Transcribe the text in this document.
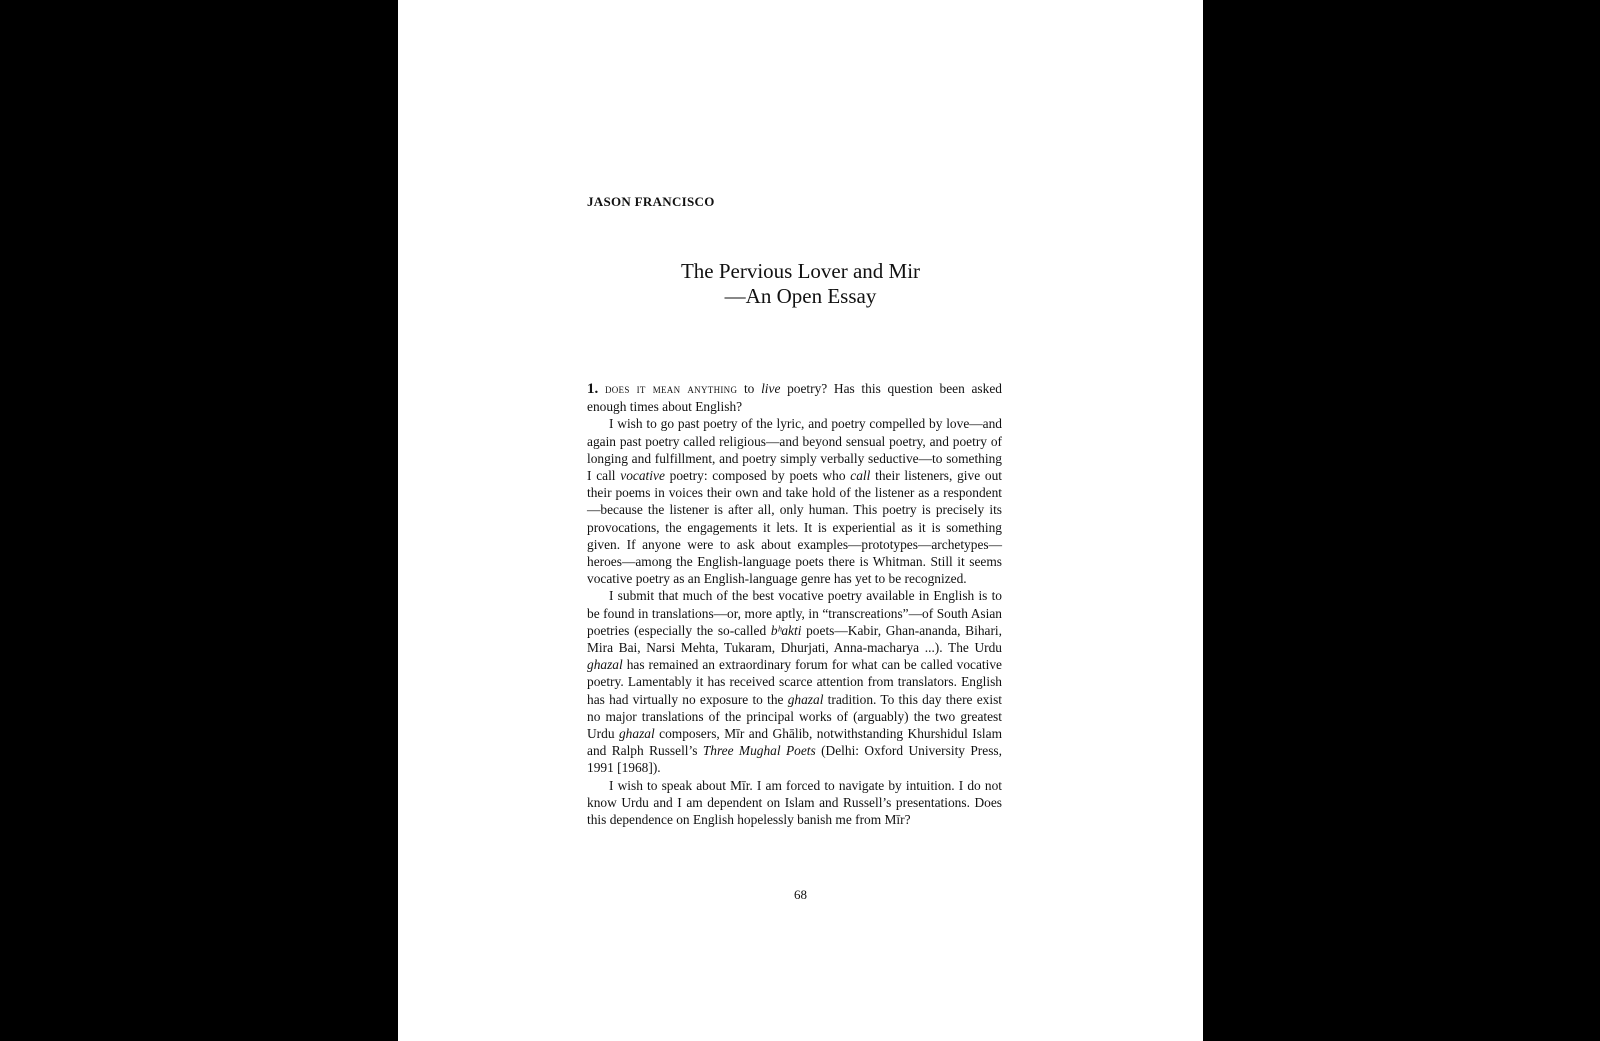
JASON FRANCISCO

The Pervious Lover and Mir
—An Open Essay

1. does it mean anything to live poetry? Has this question been asked enough times about English?

I wish to go past poetry of the lyric, and poetry compelled by love—and again past poetry called religious—and beyond sensual poetry, and poetry of longing and fulfillment, and poetry simply verbally seductive—to something I call vocative poetry: composed by poets who call their listeners, give out their poems in voices their own and take hold of the listener as a respondent—because the listener is after all, only human. This poetry is precisely its provocations, the engagements it lets. It is experiential as it is something given. If anyone were to ask about examples—prototypes—archetypes—heroes—among the English-language poets there is Whitman. Still it seems vocative poetry as an English-language genre has yet to be recognized.

I submit that much of the best vocative poetry available in English is to be found in translations—or, more aptly, in “transcreations”—of South Asian poetries (especially the so-called bʰakti poets—Kabir, Ghan-ananda, Bihari, Mira Bai, Narsi Mehta, Tukaram, Dhurjati, Anna-macharya ...). The Urdu ghazal has remained an extraordinary forum for what can be called vocative poetry. Lamentably it has received scarce attention from translators. English has had virtually no exposure to the ghazal tradition. To this day there exist no major translations of the principal works of (arguably) the two greatest Urdu ghazal composers, Mīr and Ghālib, notwithstanding Khurshidul Islam and Ralph Russell’s Three Mughal Poets (Delhi: Oxford University Press, 1991 [1968]).

I wish to speak about Mīr. I am forced to navigate by intuition. I do not know Urdu and I am dependent on Islam and Russell’s presentations. Does this dependence on English hopelessly banish me from Mīr?

68
